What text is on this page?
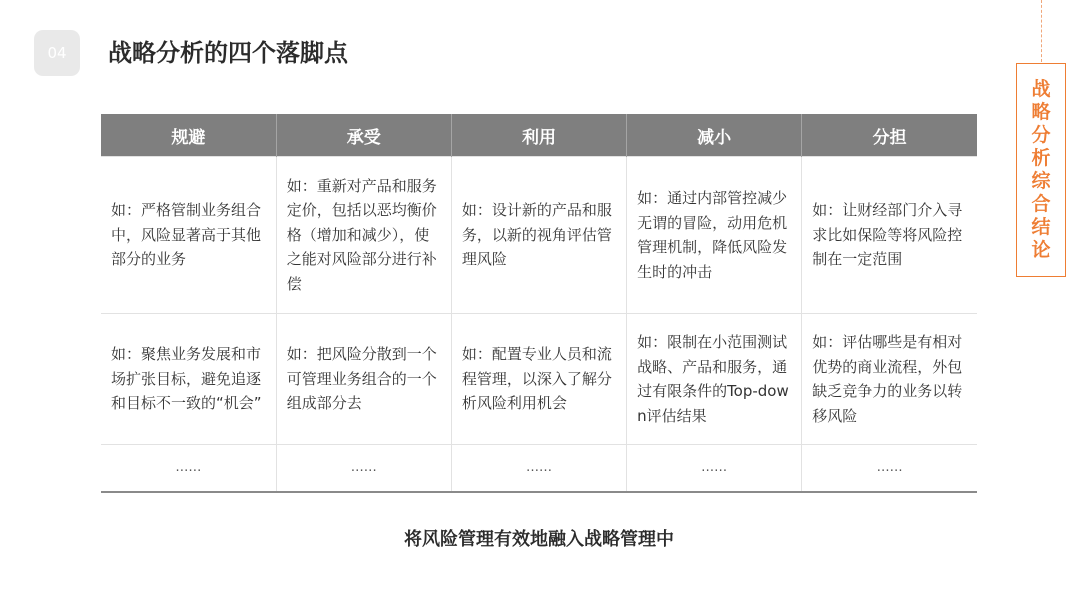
04	战略分析的四个落脚点
战略分析综合结论
规避	承受	利用	减小	分担
如：严格管制业务组合中，风险显著高于其他部分的业务	如：重新对产品和服务定价，包括以恶均衡价格（增加和减少），使之能对风险部分进行补偿	如：设计新的产品和服务，以新的视角评估管理风险	如：通过内部管控减少无谓的冒险，动用危机管理机制，降低风险发生时的冲击	如：让财经部门介入寻求比如保险等将风险控制在一定范围
如：聚焦业务发展和市场扩张目标，避免追逐和目标不一致的“机会”	如：把风险分散到一个可管理业务组合的一个组成部分去	如：配置专业人员和流程管理，以深入了解分析风险利用机会	如：限制在小范围测试战略、产品和服务，通过有限条件的Top-down评估结果	如：评估哪些是有相对优势的商业流程，外包缺乏竞争力的业务以转移风险
……	……	……	……	……
将风险管理有效地融入战略管理中
